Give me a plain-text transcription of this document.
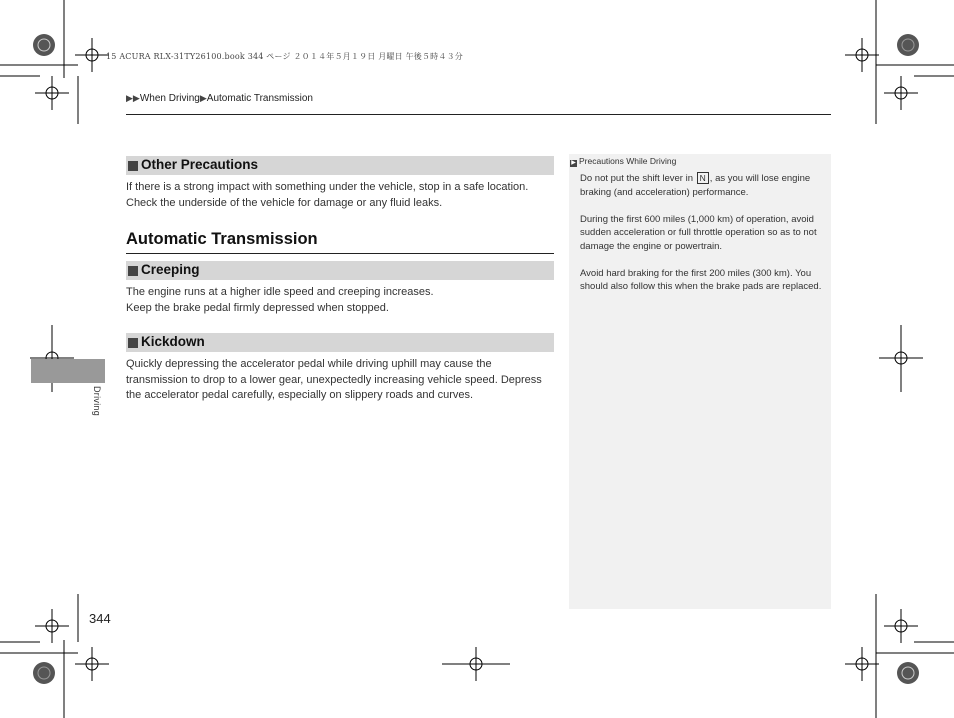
15 ACURA RLX-31TY26100.book 344 ページ ２０１４年５月１９日 月曜日 午後５時４３分
▶▶When Driving▶Automatic Transmission
Driving
Other Precautions

If there is a strong impact with something under the vehicle, stop in a safe location.

Check the underside of the vehicle for damage or any fluid leaks.

Automatic Transmission
Creeping

The engine runs at a higher idle speed and creeping increases.

Keep the brake pedal firmly depressed when stopped.

Kickdown

Quickly depressing the accelerator pedal while driving uphill may cause the

transmission to drop to a lower gear, unexpectedly increasing vehicle speed. Depress

the accelerator pedal carefully, especially on slippery roads and curves.

▶ Precautions While Driving

Do not put the shift lever in N , as you will lose engine braking (and acceleration) performance.

During the first 600 miles (1,000 km) of operation, avoid sudden acceleration or full throttle operation so as to not damage the engine or powertrain.

Avoid hard braking for the first 200 miles (300 km). You should also follow this when the brake pads are replaced.

344
